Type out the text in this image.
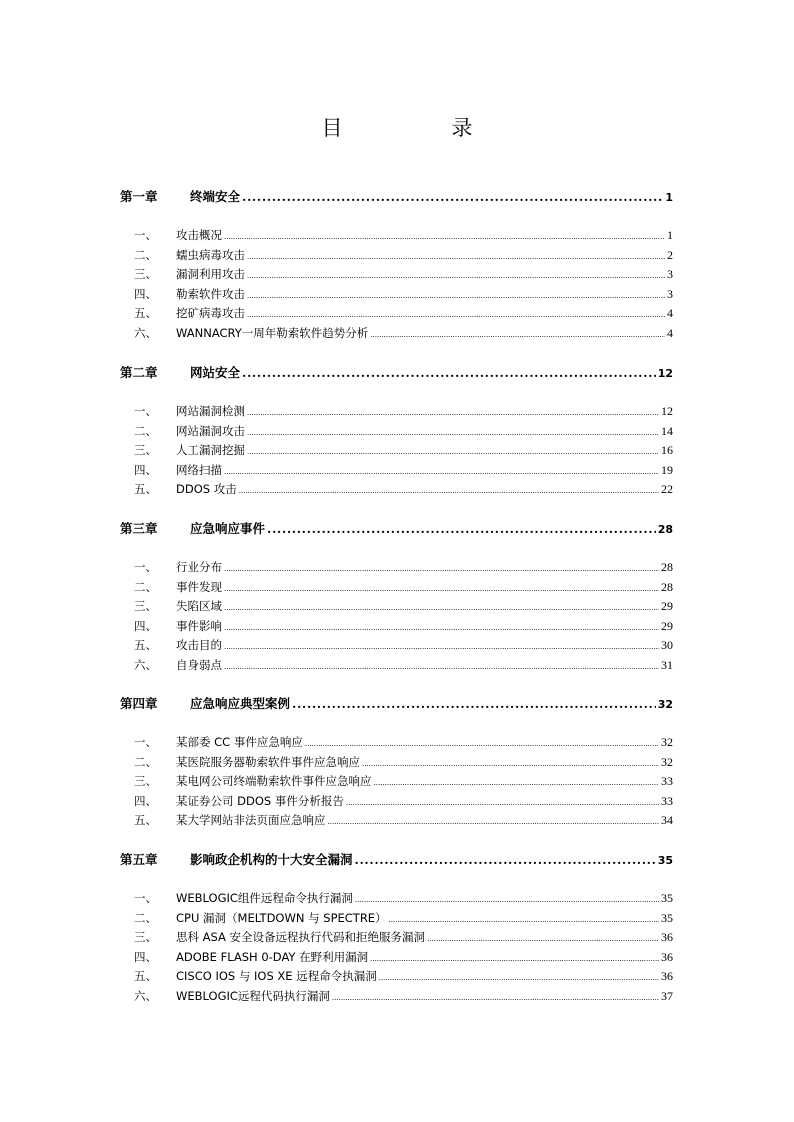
目　录
第一章	终端安全 .....	1
一、	攻击概况 .....	1
二、	蠕虫病毒攻击 .....	2
三、	漏洞利用攻击 .....	3
四、	勒索软件攻击 .....	3
五、	挖矿病毒攻击 .....	4
六、	WANNACRY一周年勒索软件趋势分析 .....	4
第二章	网站安全 .....	12
一、	网站漏洞检测 .....	12
二、	网站漏洞攻击 .....	14
三、	人工漏洞挖掘 .....	16
四、	网络扫描 .....	19
五、	DDOS 攻击 .....	22
第三章	应急响应事件 .....	28
一、	行业分布 .....	28
二、	事件发现 .....	28
三、	失陷区域 .....	29
四、	事件影响 .....	29
五、	攻击目的 .....	30
六、	自身弱点 .....	31
第四章	应急响应典型案例 .....	32
一、	某部委 CC 事件应急响应 .....	32
二、	某医院服务器勒索软件事件应急响应 .....	32
三、	某电网公司终端勒索软件事件应急响应 .....	33
四、	某证券公司 DDOS 事件分析报告 .....	33
五、	某大学网站非法页面应急响应 .....	34
第五章	影响政企机构的十大安全漏洞 .....	35
一、	WEBLOGIC组件远程命令执行漏洞 .....	35
二、	CPU 漏洞（MELTDOWN 与 SPECTRE） .....	35
三、	思科 ASA 安全设备远程执行代码和拒绝服务漏洞 .....	36
四、	ADOBE FLASH 0-DAY 在野利用漏洞 .....	36
五、	CISCO IOS 与 IOS XE 远程命令执漏洞 .....	36
六、	WEBLOGIC远程代码执行漏洞 .....	37
